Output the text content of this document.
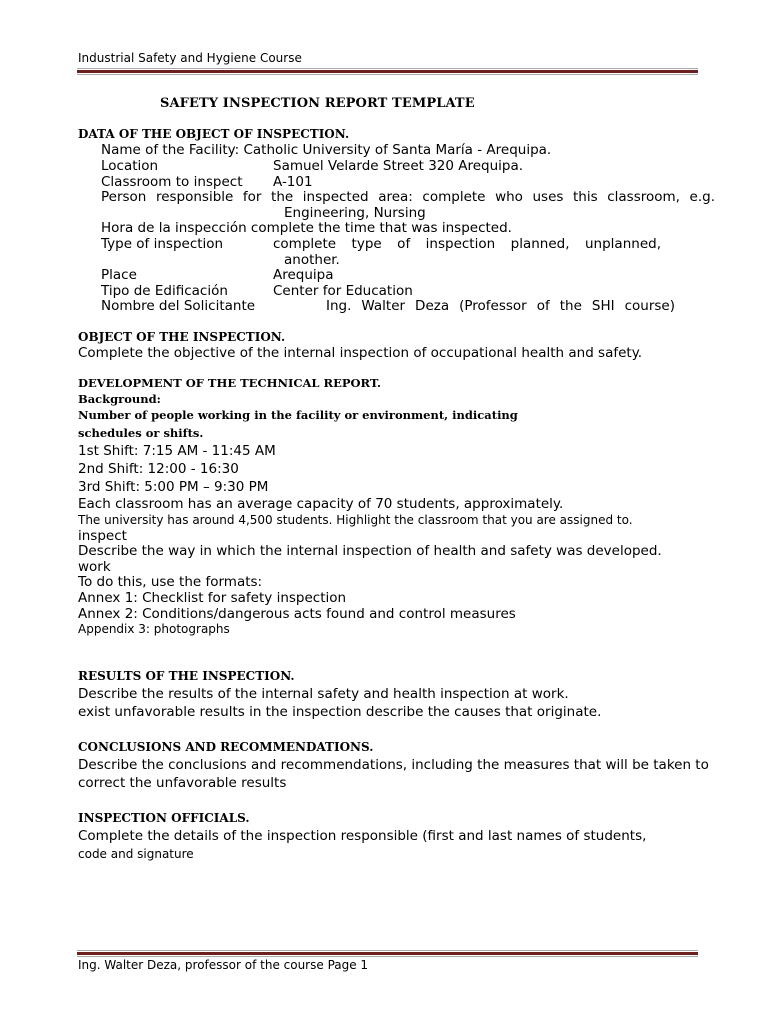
Industrial Safety and Hygiene Course
SAFETY INSPECTION REPORT TEMPLATE
DATA OF THE OBJECT OF INSPECTION.
Name of the Facility: Catholic University of Santa María - Arequipa.
Location	Samuel Velarde Street 320 Arequipa.
Classroom to inspect A-101
Person responsible for the inspected area: complete who uses this classroom, e.g.
Engineering, Nursing
Hora de la inspección complete the time that was inspected.
Type of inspection	complete type of inspection planned, unplanned,
another.
Place	Arequipa
Tipo de Edificación	Center for Education
Nombre del Solicitante	Ing. Walter Deza (Professor of the SHI course)
OBJECT OF THE INSPECTION.
Complete the objective of the internal inspection of occupational health and safety.
DEVELOPMENT OF THE TECHNICAL REPORT.
Background:
Number of people working in the facility or environment, indicating
schedules or shifts.
1st Shift: 7:15 AM - 11:45 AM
2nd Shift: 12:00 - 16:30
3rd Shift: 5:00 PM – 9:30 PM
Each classroom has an average capacity of 70 students, approximately.
The university has around 4,500 students. Highlight the classroom that you are assigned to.
inspect
Describe the way in which the internal inspection of health and safety was developed.
work
To do this, use the formats:
Annex 1: Checklist for safety inspection
Annex 2: Conditions/dangerous acts found and control measures
Appendix 3: photographs
RESULTS OF THE INSPECTION.
Describe the results of the internal safety and health inspection at work.
exist unfavorable results in the inspection describe the causes that originate.
CONCLUSIONS AND RECOMMENDATIONS.
Describe the conclusions and recommendations, including the measures that will be taken to
correct the unfavorable results
INSPECTION OFFICIALS.
Complete the details of the inspection responsible (first and last names of students,
code and signature
Ing. Walter Deza, professor of the course Page 1
